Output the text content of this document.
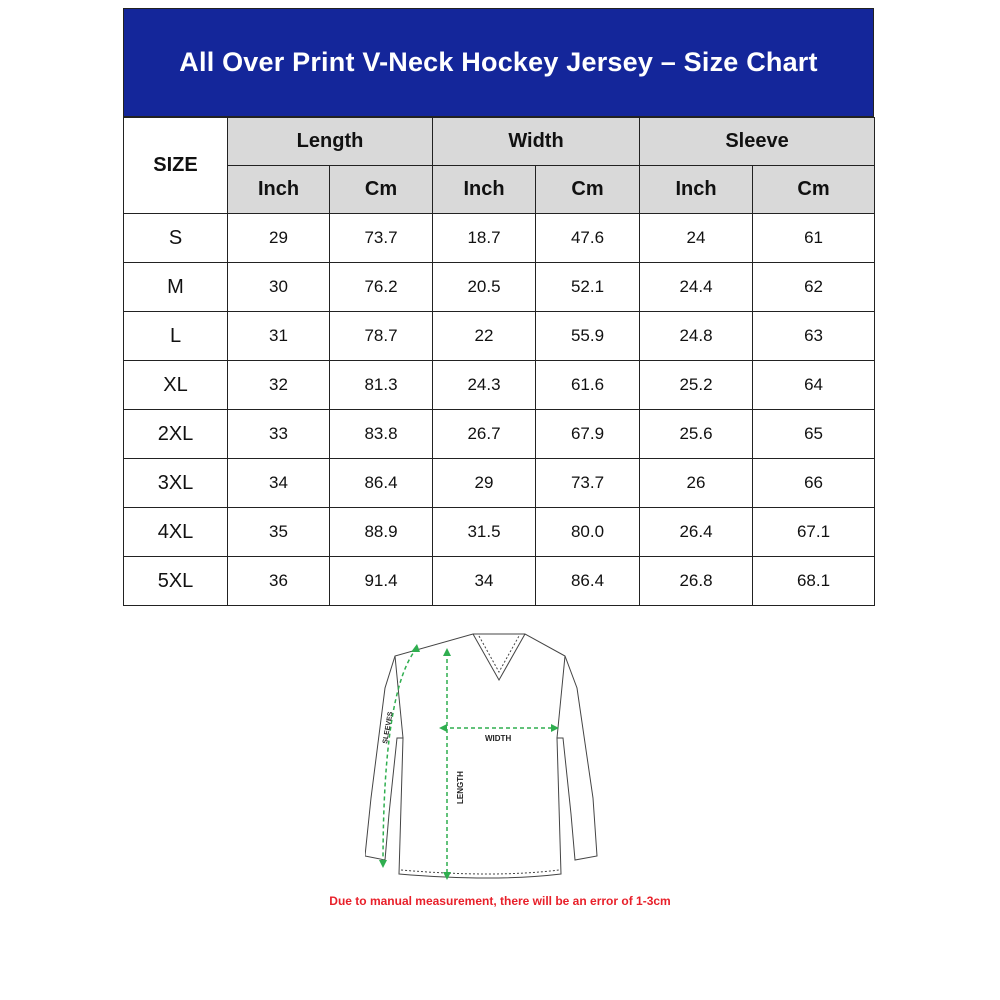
All Over Print V-Neck Hockey Jersey – Size Chart
SIZE	Length		Width		Sleeve	
	Inch	Cm	Inch	Cm	Inch	Cm
S	29	73.7	18.7	47.6	24	61
M	30	76.2	20.5	52.1	24.4	62
L	31	78.7	22	55.9	24.8	63
XL	32	81.3	24.3	61.6	25.2	64
2XL	33	83.8	26.7	67.9	25.6	65
3XL	34	86.4	29	73.7	26	66
4XL	35	88.9	31.5	80.0	26.4	67.1
5XL	36	91.4	34	86.4	26.8	68.1
WIDTH
LENGTH
SLEEVES
Due to manual measurement, there will be an error of 1-3cm
